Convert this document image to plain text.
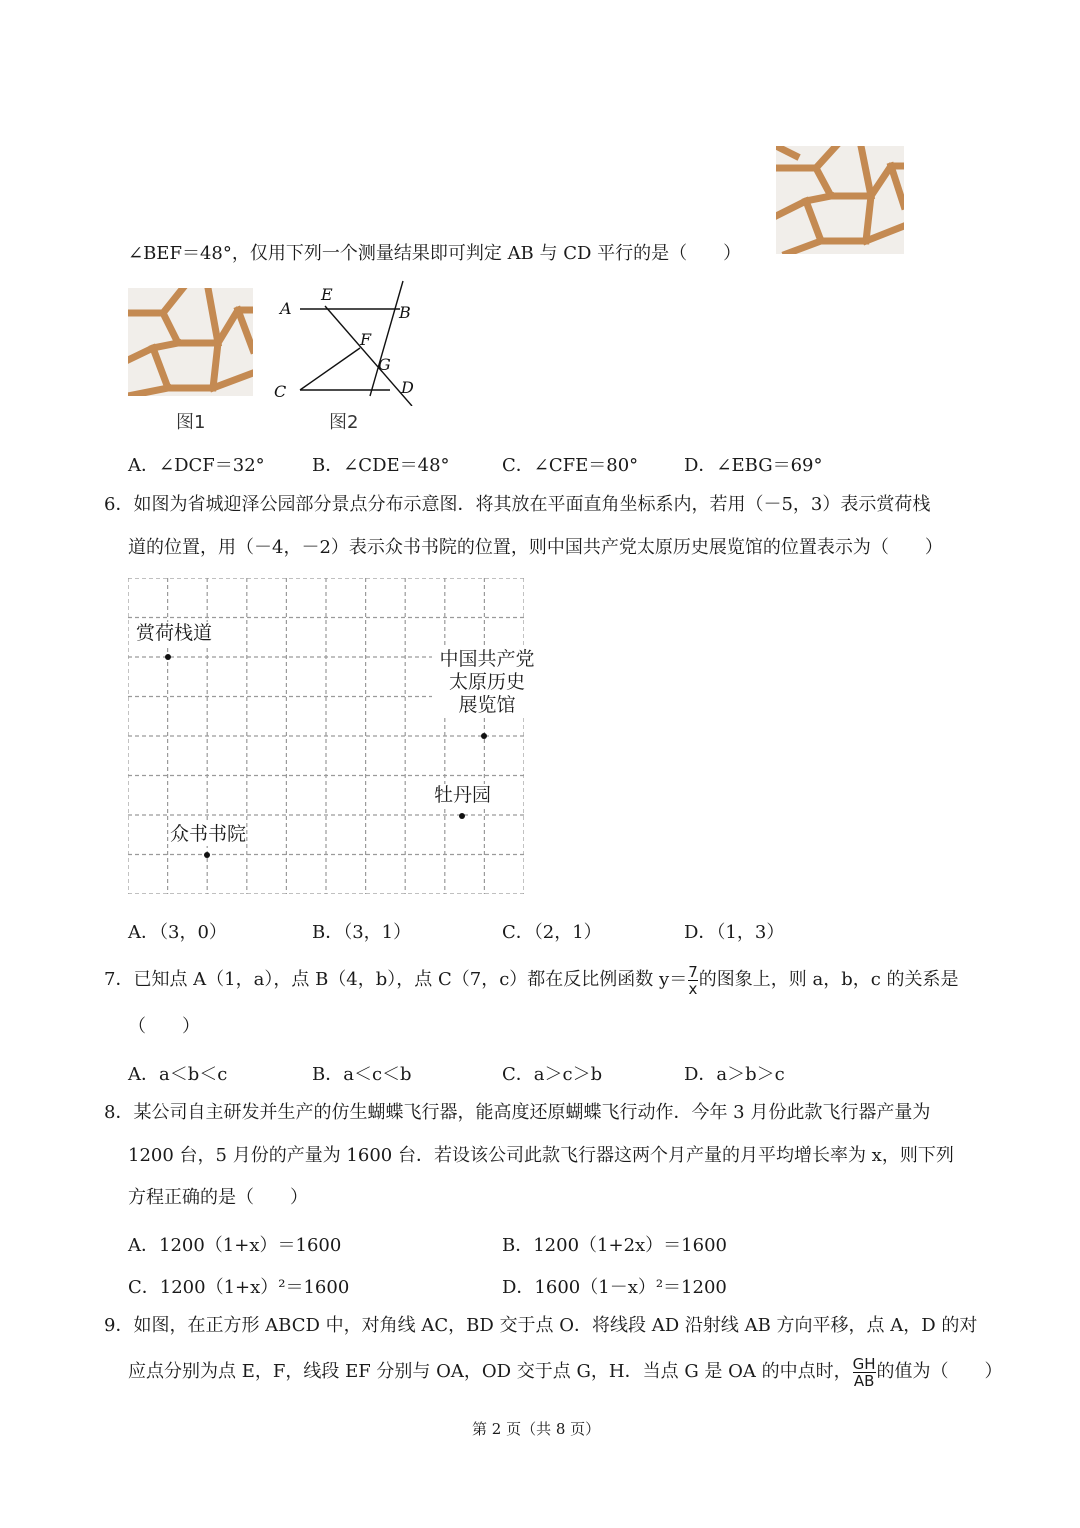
∠BEF＝48°，仅用下列一个测量结果即可判定 AB 与 CD 平行的是（　　）
图1
A
E
B
F
G
C	D
图2
A．∠DCF＝32°	B．∠CDE＝48°	C．∠CFE＝80°	D．∠EBG＝69°
6．如图为省城迎泽公园部分景点分布示意图．将其放在平面直角坐标系内，若用（－5，3）表示赏荷栈
道的位置，用（－4，－2）表示众书书院的位置，则中国共产党太原历史展览馆的位置表示为（　　）
赏荷栈道
中国共产党
太原历史
展览馆
牡丹园
众书书院
A．（3，0）	B．（3，1）	C．（2，1）	D．（1，3）
7．已知点 A（1，a），点 B（4，b），点 C（7，c）都在反比例函数 $y= \frac{7}{x}$ 的图象上，则 a，b，c 的关系是
（　　）
A．a＜b＜c	B．a＜c＜b	C．a＞c＞b	D．a＞b＞c
8．某公司自主研发并生产的仿生蝴蝶飞行器，能高度还原蝴蝶飞行动作．今年 3 月份此款飞行器产量为
1200 台，5 月份的产量为 1600 台．若设该公司此款飞行器这两个月产量的月平均增长率为 x，则下列
方程正确的是（　　）
A．1200（1+x）＝1600	B．1200（1+2x）＝1600
C．1200（1+x）²＝1600	D．1600（1－x）²＝1200
9．如图，在正方形 ABCD 中，对角线 AC，BD 交于点 O．将线段 AD 沿射线 AB 方向平移，点 A，D 的对
应点分别为点 E，F，线段 EF 分别与 OA，OD 交于点 G，H．当点 G 是 OA 的中点时， $\frac{GH}{AB}$ 的值为（　　）
第 2 页（共 8 页）
